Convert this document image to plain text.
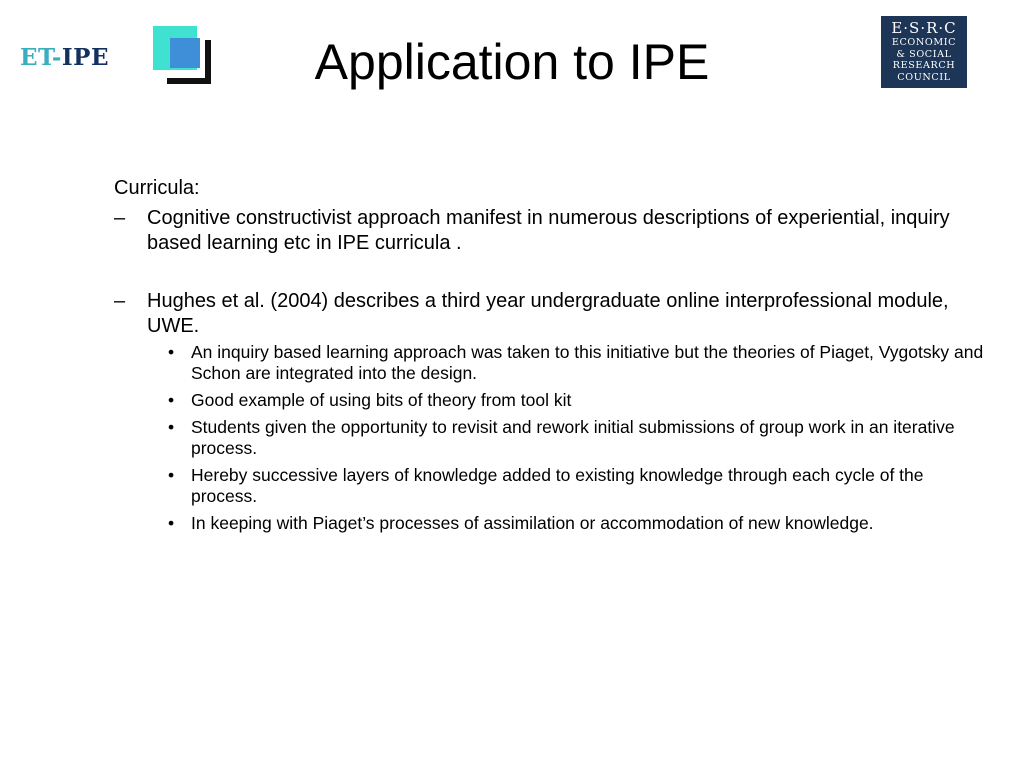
ET-IPE	Application to IPE
E·S·R·C
ECONOMIC
& SOCIAL
RESEARCH
COUNCIL

Curricula:

– Cognitive constructivist approach manifest in numerous descriptions of experiential, inquiry based learning etc in IPE curricula .
– Hughes et al. (2004) describes a third year undergraduate online interprofessional module, UWE.
• An inquiry based learning approach was taken to this initiative but the theories of Piaget, Vygotsky and Schon are integrated into the design.
• Good example of using bits of theory from tool kit
• Students given the opportunity to revisit and rework initial submissions of group work in an iterative process.
• Hereby successive layers of knowledge added to existing knowledge through each cycle of the process.
• In keeping with Piaget’s processes of assimilation or accommodation of new knowledge.
